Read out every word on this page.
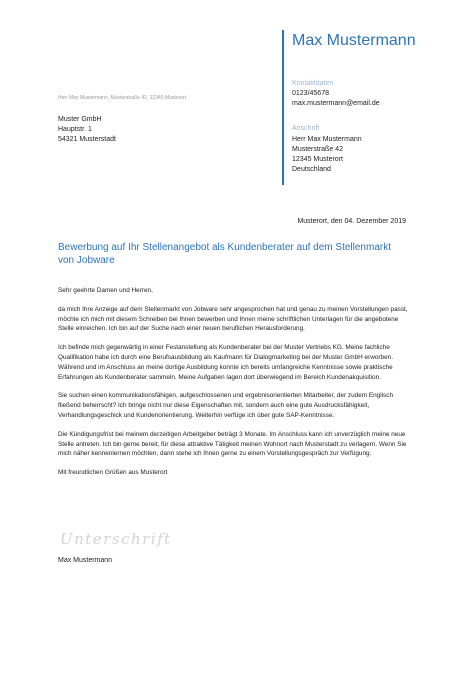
Max Mustermann
Kontaktdaten
0123/45678
max.mustermann@email.de
Anschrift
Herr Max Mustermann
Musterstraße 42
12345 Musterort
Deutschland
Herr Max Mustermann, Musterstraße 42, 12345 Musterort
Muster GmbH
Hauptstr. 1
54321 Musterstadt
Musterort, den 04. Dezember 2019
Bewerbung auf Ihr Stellenangebot als Kundenberater auf dem Stellenmarkt von Jobware

Sehr geehrte Damen und Herren,

da mich Ihre Anzeige auf dem Stellenmarkt von Jobware sehr angesprochen hat und genau zu meinen Vorstellungen passt, möchte ich mich mit diesem Schreiben bei Ihnen bewerben und Ihnen meine schriftlichen Unterlagen für die angebotene Stelle einreichen. Ich bin auf der Suche nach einer neuen beruflichen Herausforderung.

Ich befinde mich gegenwärtig in einer Festanstellung als Kundenberater bei der Muster Vertriebs KG. Meine fachliche Qualifikation habe ich durch eine Berufsausbildung als Kaufmann für Dialogmarketing bei der Muster GmbH erworben. Während und im Anschluss an meine dortige Ausbildung konnte ich bereits umfangreiche Kenntnisse sowie praktische Erfahrungen als Kundenberater sammeln. Meine Aufgaben lagen dort überwiegend im Bereich Kundenakquisition.

Sie suchen einen kommunikationsfähigen, aufgeschlossenen und ergebnisorientierten Mitarbeiter, der zudem Englisch fließend beherrscht? Ich bringe nicht nur diese Eigenschaften mit, sondern auch eine gute Ausdrucksfähigkeit, Verhandlungsgeschick und Kundenorientierung. Weiterhin verfüge ich über gute SAP-Kenntnisse.

Die Kündigungsfrist bei meinem derzeitigen Arbeitgeber beträgt 3 Monate. Im Anschluss kann ich unverzüglich meine neue Stelle antreten. Ich bin gerne bereit, für diese attraktive Tätigkeit meinen Wohnort nach Musterstadt zu verlagern. Wenn Sie mich näher kennenlernen möchten, dann stehe ich Ihnen gerne zu einem Vorstellungsgespräch zur Verfügung.

Mit freundlichen Grüßen aus Musterort

Unterschrift
Max Mustermann
